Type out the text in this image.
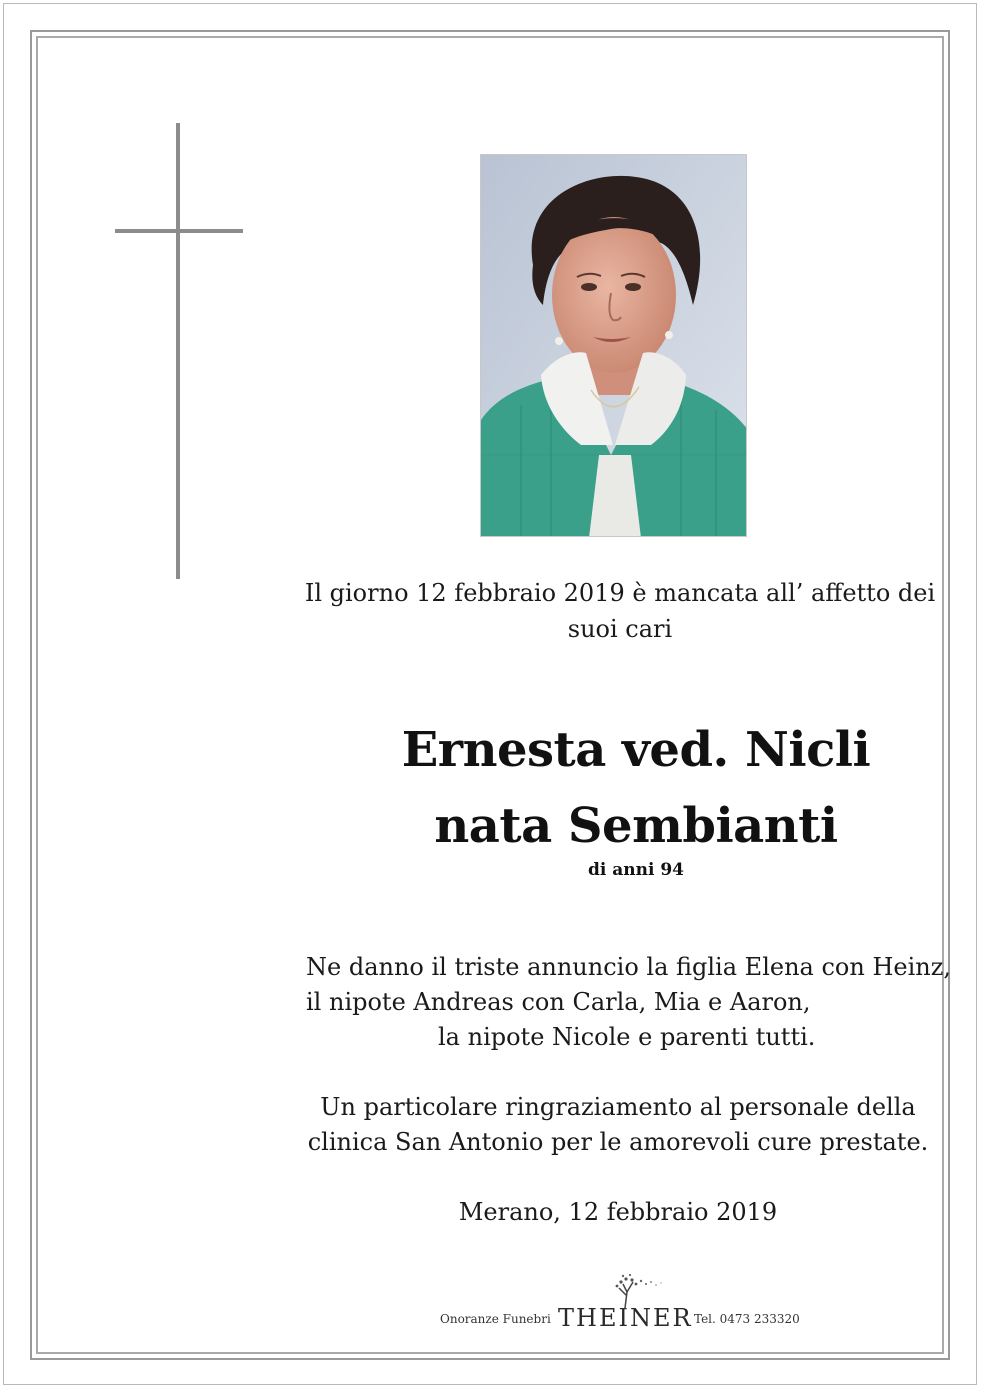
Il giorno 12 febbraio 2019 è mancata all’ affetto dei
suoi cari
Ernesta ved. Nicli
nata Sembianti
di anni 94
Ne danno il triste annuncio la figlia Elena con Heinz,
il nipote Andreas con Carla, Mia e Aaron,
la nipote Nicole e parenti tutti.
Un particolare ringraziamento al personale della
clinica San Antonio per le amorevoli cure prestate.
Merano, 12 febbraio 2019
Onoranze Funebri THEINER Tel. 0473 233320
